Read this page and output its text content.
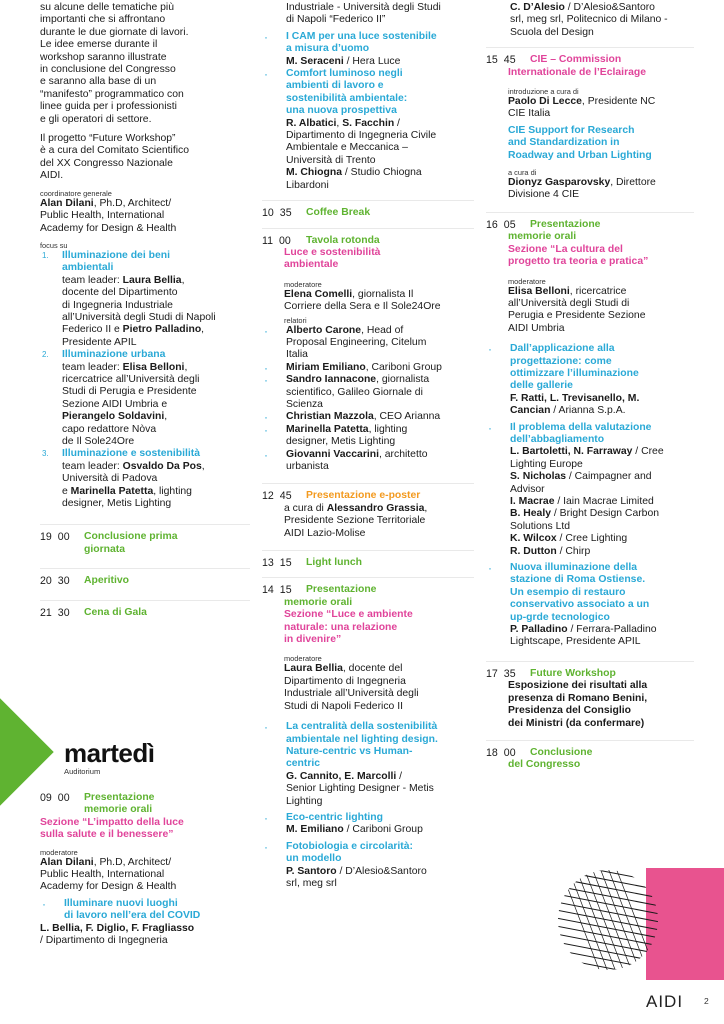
su alcune delle tematiche più

importanti che si affrontano

durante le due giornate di lavori.

Le idee emerse durante il

workshop saranno illustrate

in conclusione del Congresso

e saranno alla base di un

“manifesto” programmatico con

linee guida per i professionisti

e gli operatori di settore.

Il progetto “Future Workshop”

è a cura del Comitato Scientifico

del XX Congresso Nazionale

AIDI.

coordinatore generale

Alan Dilani, Ph.D, Architect/

Public Health, International

Academy for Design & Health

focus su

1. Illuminazione dei beni

ambientali

team leader: Laura Bellia,

docente del Dipartimento

di Ingegneria Industriale

all’Università degli Studi di Napoli

Federico II e Pietro Palladino,

Presidente APIL

2. Illuminazione urbana

team leader: Elisa Belloni,

ricercatrice all’Università degli

Studi di Perugia e Presidente

Sezione AIDI Umbria e

Pierangelo Soldavini,

capo redattore Nòva

de Il Sole24Ore

3. Illuminazione e sostenibilità

team leader: Osvaldo Da Pos,

Università di Padova

e Marinella Patetta, lighting

designer, Metis Lighting

19 00	Conclusione prima

giornata

20 30	Aperitivo

21 30	Cena di Gala

martedì
Auditorium
09 00	Presentazione

memorie orali

Sezione “L’impatto della luce

sulla salute e il benessere”

moderatore

Alan Dilani, Ph.D, Architect/

Public Health, International

Academy for Design & Health

· Illuminare nuovi luoghi

di lavoro nell’era del COVID

L. Bellia, F. Diglio, F. Fragliasso

/ Dipartimento di Ingegneria

Industriale - Università degli Studi

di Napoli “Federico II”

· I CAM per una luce sostenibile

a misura d’uomo

M. Seraceni / Hera Luce

· Comfort luminoso negli

ambienti di lavoro e

sostenibilità ambientale:

una nuova prospettiva

R. Albatici, S. Facchin /

Dipartimento di Ingegneria Civile

Ambientale e Meccanica –

Università di Trento

M. Chiogna / Studio Chiogna

Libardoni

10 35	Coffee Break

11 00	Tavola rotonda

Luce e sostenibilità

ambientale

moderatore

Elena Comelli, giornalista Il

Corriere della Sera e Il Sole24Ore

relatori

· Alberto Carone, Head of

Proposal Engineering, Citelum

Italia

· Miriam Emiliano, Cariboni Group

· Sandro Iannacone, giornalista

scientifico, Galileo Giornale di

Scienza

· Christian Mazzola, CEO Arianna

· Marinella Patetta, lighting

designer, Metis Lighting

· Giovanni Vaccarini, architetto

urbanista

12 45	Presentazione e-poster

a cura di Alessandro Grassia,

Presidente Sezione Territoriale

AIDI Lazio-Molise

13 15	Light lunch

14 15	Presentazione

memorie orali

Sezione “Luce e ambiente

naturale: una relazione

in divenire”

moderatore

Laura Bellia, docente del

Dipartimento di Ingegneria

Industriale all’Università degli

Studi di Napoli Federico II

· La centralità della sostenibilità

ambientale nel lighting design.

Nature-centric vs Human-

centric

G. Cannito, E. Marcolli /

Senior Lighting Designer - Metis

Lighting

· Eco-centric lighting

M. Emiliano / Cariboni Group

· Fotobiologia e circolarità:

un modello

P. Santoro / D’Alesio&Santoro

srl, meg srl

C. D’Alesio / D’Alesio&Santoro

srl, meg srl, Politecnico di Milano -

Scuola del Design

15 45	CIE – Commission

Internationale de l’Eclairage

introduzione a cura di

Paolo Di Lecce, Presidente NC

CIE Italia

CIE Support for Research

and Standardization in

Roadway and Urban Lighting

a cura di

Dionyz Gasparovsky, Direttore

Divisione 4 CIE

16 05	Presentazione

memorie orali

Sezione “La cultura del

progetto tra teoria e pratica”

moderatore

Elisa Belloni, ricercatrice

all’Università degli Studi di

Perugia e Presidente Sezione

AIDI Umbria

· Dall’applicazione alla

progettazione: come

ottimizzare l’illuminazione

delle gallerie

F. Ratti, L. Trevisanello, M.

Cancian / Arianna S.p.A.

· Il problema della valutazione

dell’abbagliamento

L. Bartoletti, N. Farraway / Cree

Lighting Europe

S. Nicholas / Caimpagner and

Advisor

I. Macrae / Iain Macrae Limited

B. Healy / Bright Design Carbon

Solutions Ltd

K. Wilcox / Cree Lighting

R. Dutton / Chirp

· Nuova illuminazione della

stazione di Roma Ostiense.

Un esempio di restauro

conservativo associato a un

up-grde tecnologico

P. Palladino / Ferrara-Palladino

Lightscape, Presidente APIL

17 35	Future Workshop

Esposizione dei risultati alla

presenza di Romano Benini,

Presidenza del Consiglio

dei Ministri (da confermare)

18 00	Conclusione

del Congresso

AIDI 2
